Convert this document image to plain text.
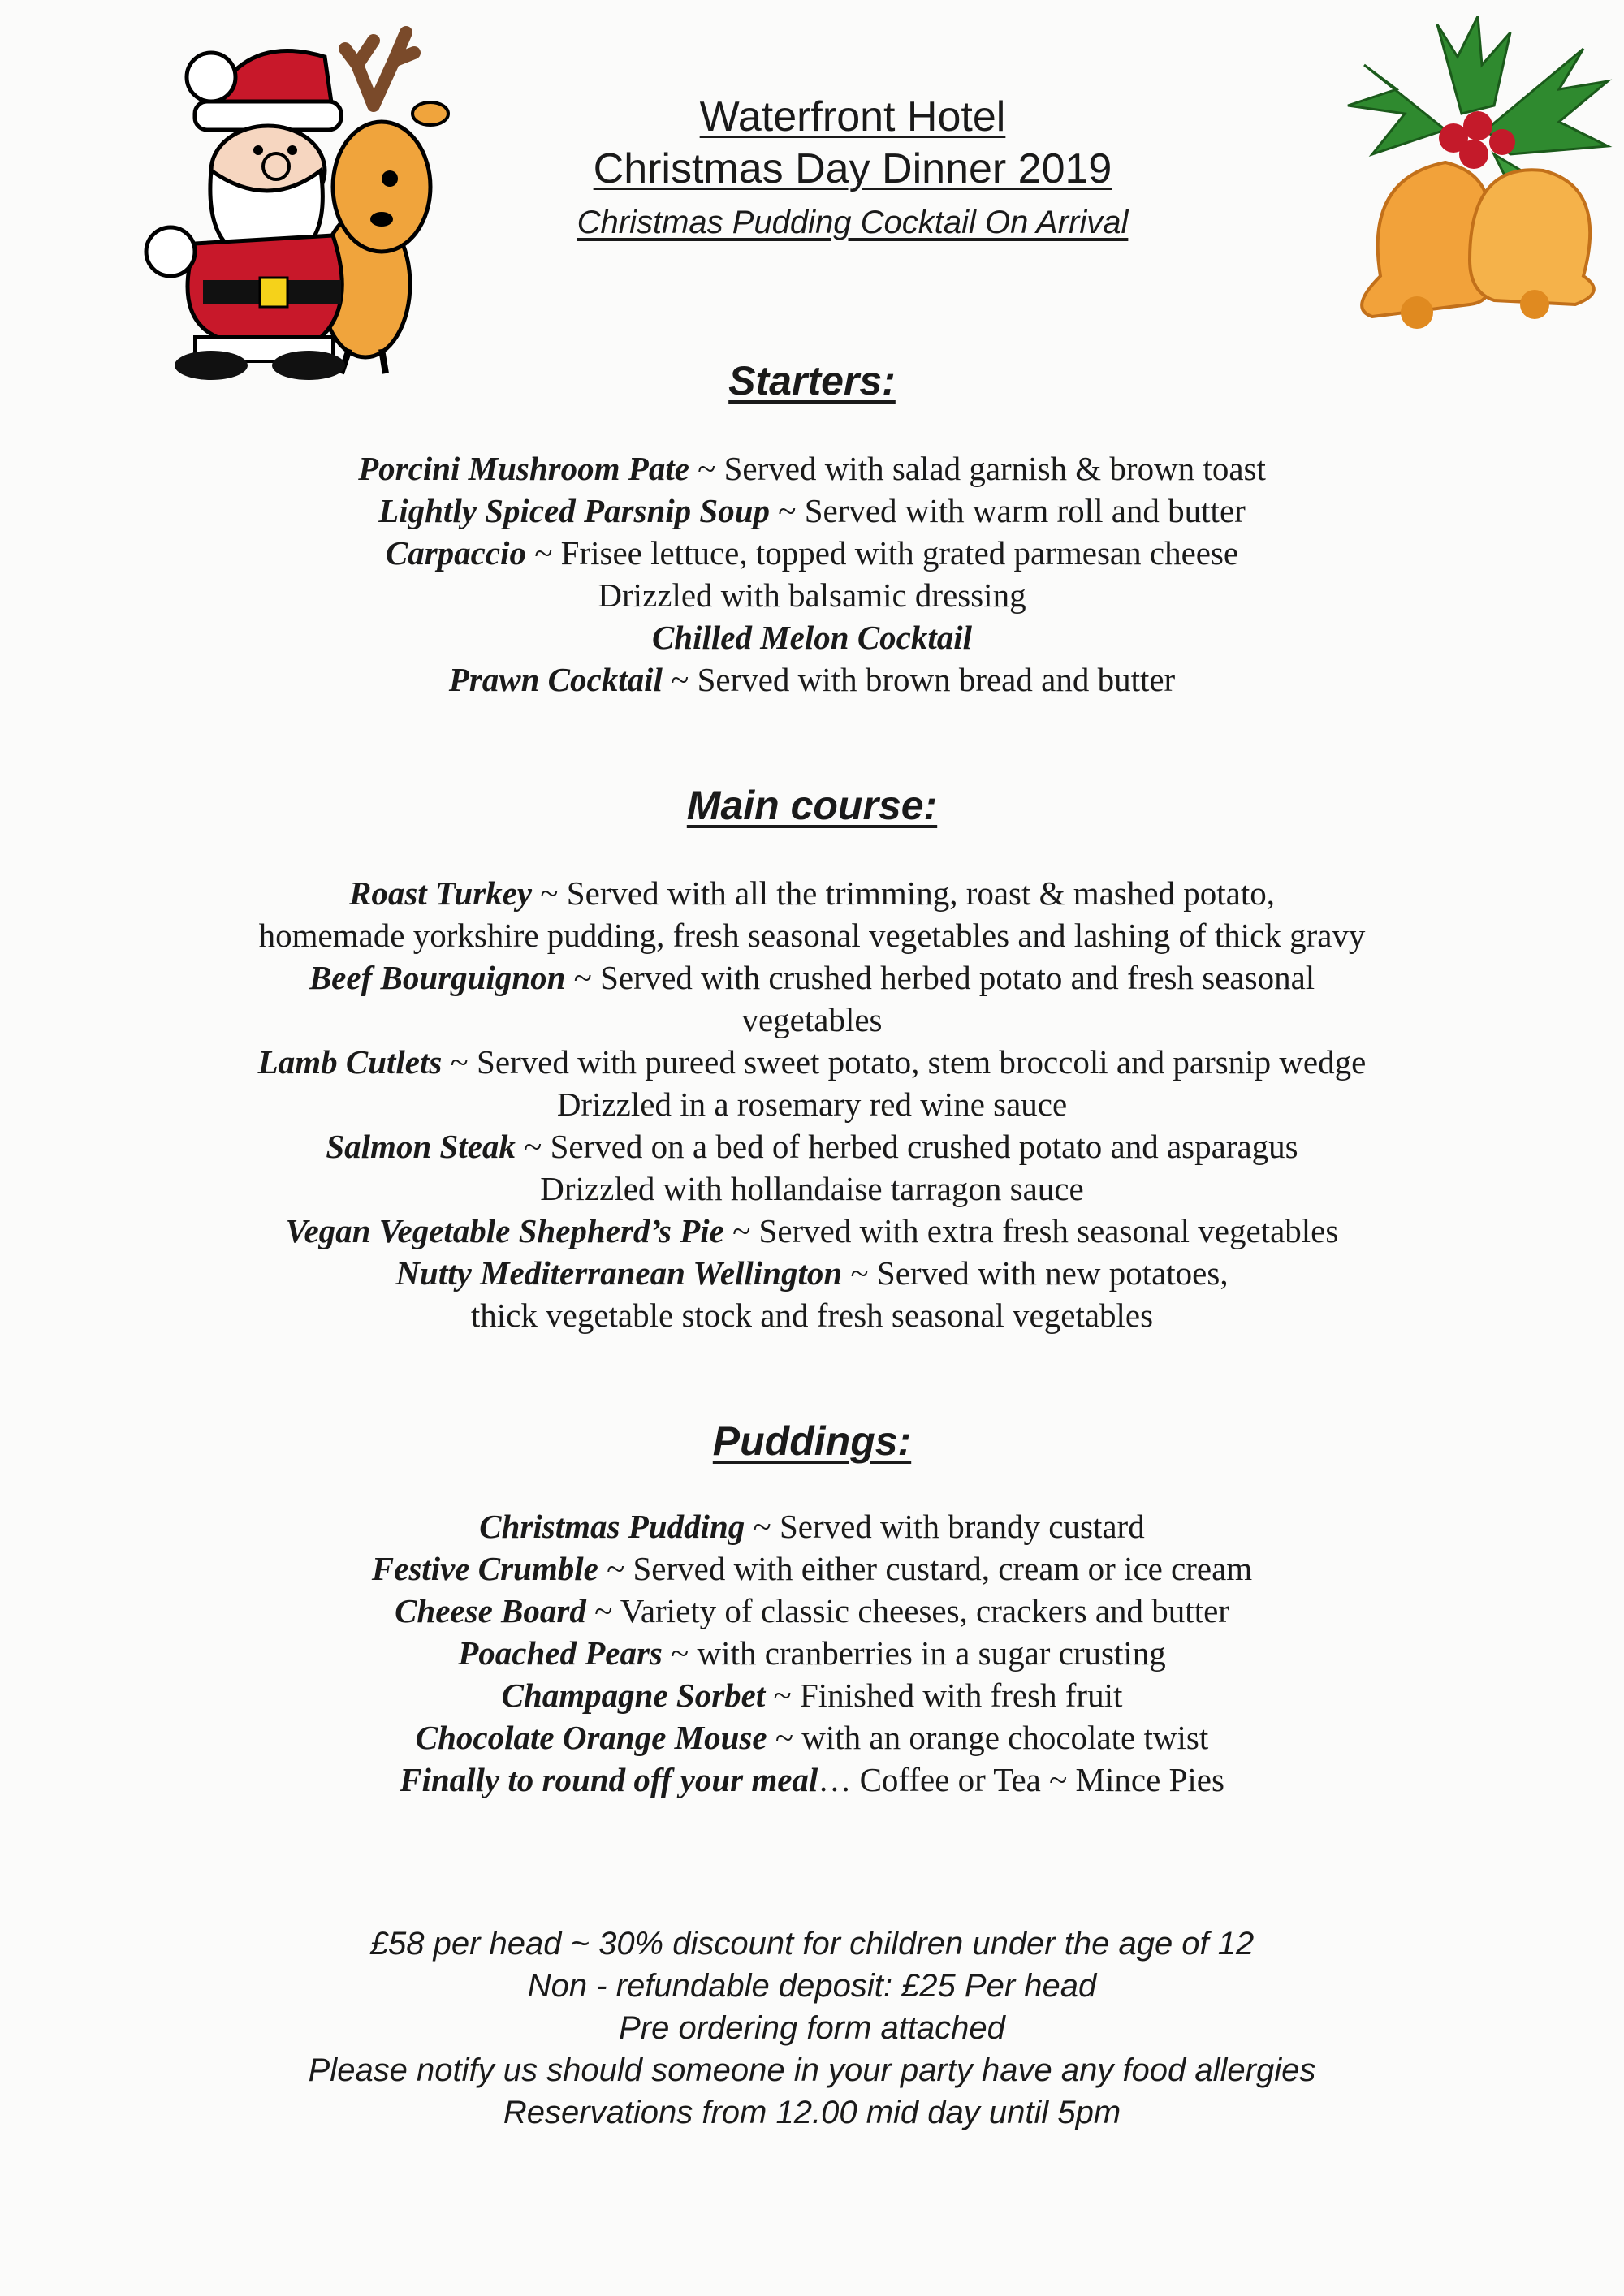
Waterfront Hotel
Christmas Day Dinner 2019
Christmas Pudding Cocktail On Arrival
Starters:
Porcini Mushroom Pate ~ Served with salad garnish & brown toast
Lightly Spiced Parsnip Soup ~ Served with warm roll and butter
Carpaccio ~ Frisee lettuce, topped with grated parmesan cheese
Drizzled with balsamic dressing
Chilled Melon Cocktail
Prawn Cocktail ~ Served with brown bread and butter
Main course:
Roast Turkey ~ Served with all the trimming, roast & mashed potato,
homemade yorkshire pudding, fresh seasonal vegetables and lashing of thick gravy
Beef Bourguignon ~ Served with crushed herbed potato and fresh seasonal
vegetables
Lamb Cutlets ~ Served with pureed sweet potato, stem broccoli and parsnip wedge
Drizzled in a rosemary red wine sauce
Salmon Steak ~ Served on a bed of herbed crushed potato and asparagus
Drizzled with hollandaise tarragon sauce
Vegan Vegetable Shepherd’s Pie ~ Served with extra fresh seasonal vegetables
Nutty Mediterranean Wellington ~ Served with new potatoes,
thick vegetable stock and fresh seasonal vegetables
Puddings:
Christmas Pudding ~ Served with brandy custard
Festive Crumble ~ Served with either custard, cream or ice cream
Cheese Board ~ Variety of classic cheeses, crackers and butter
Poached Pears ~ with cranberries in a sugar crusting
Champagne Sorbet ~ Finished with fresh fruit
Chocolate Orange Mouse ~ with an orange chocolate twist
Finally to round off your meal… Coffee or Tea ~ Mince Pies
£58 per head ~ 30% discount for children under the age of 12
Non - refundable deposit: £25 Per head
Pre ordering form attached
Please notify us should someone in your party have any food allergies
Reservations from 12.00 mid day until 5pm
